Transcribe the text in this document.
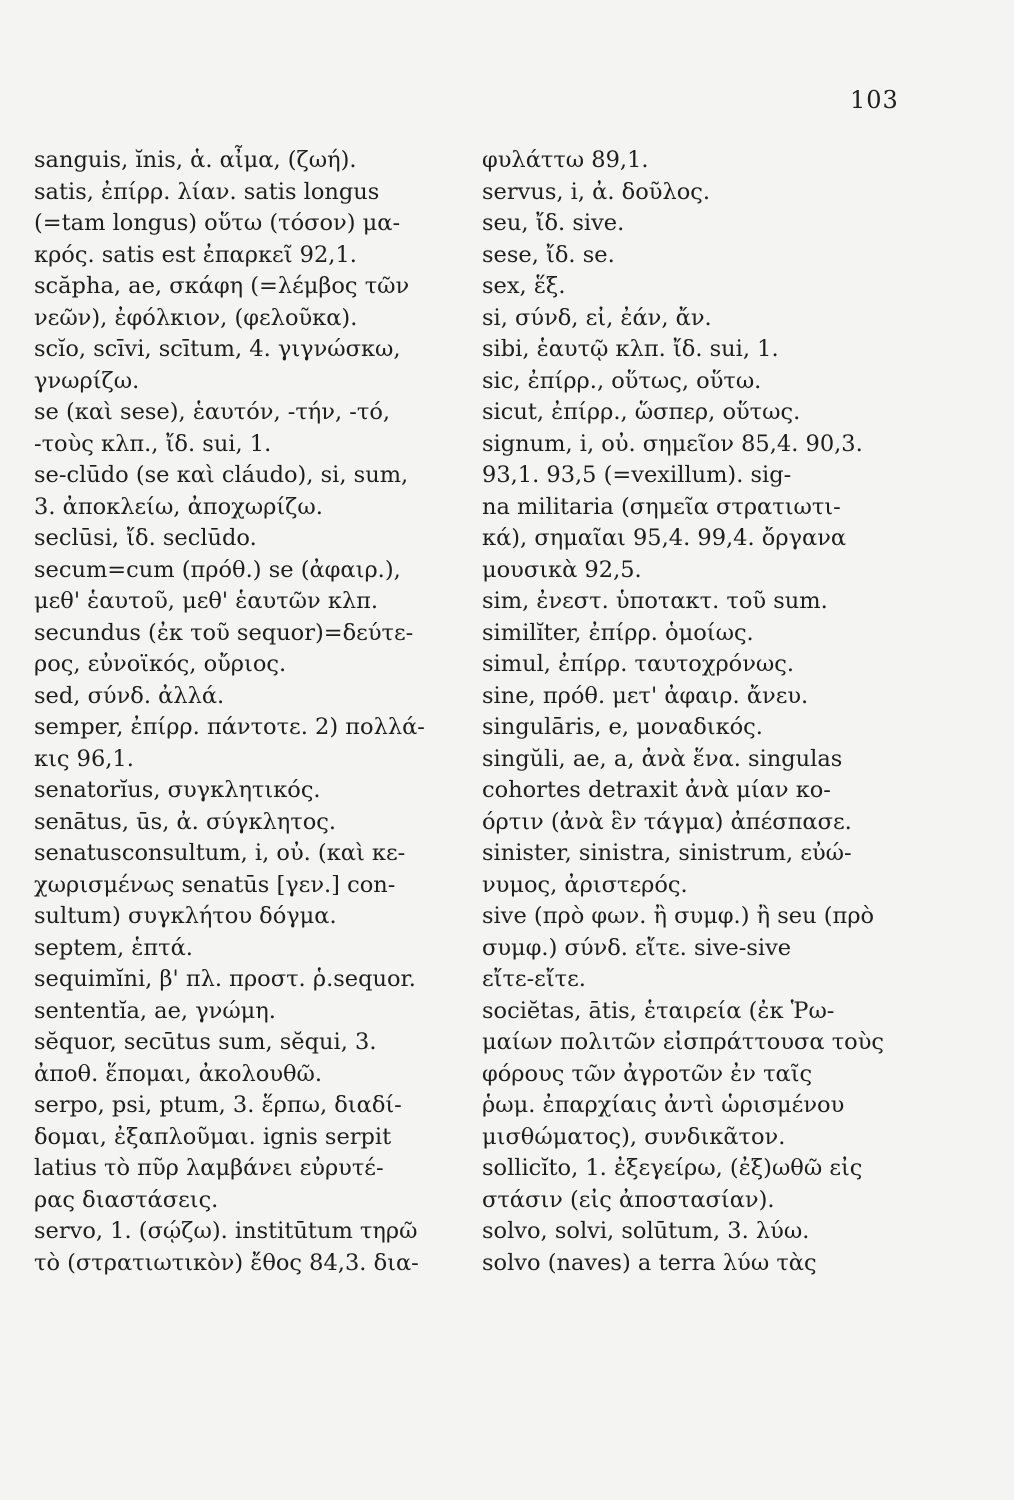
103
sanguis, ĭnis, ἁ. αἶμα, (ζωή).
satis, ἐπίρρ. λίαν. satis longus
(=tam longus) οὕτω (τόσον) μα-
κρός. satis est ἐπαρκεῖ 92,1.
scăpha, ae, σκάφη (=λέμβος τῶν
νεῶν), ἐφόλκιον, (φελοῦκα).
scĭo, scīvi, scītum, 4. γιγνώσκω,
γνωρίζω.
se (καὶ sese), ἑαυτόν, -τήν, -τό,
-τοὺς κλπ., ἴδ. sui, 1.
se-clūdo (se καὶ cláudo), si, sum,
3. ἀποκλείω, ἀποχωρίζω.
seclūsi, ἴδ. seclūdo.
secum=cum (πρόθ.) se (ἀφαιρ.),
μεθ' ἑαυτοῦ, μεθ' ἑαυτῶν κλπ.
secundus (ἐκ τοῦ sequor)=δεύτε-
ρος, εὐνοϊκός, οὔριος.
sed, σύνδ. ἀλλά.
semper, ἐπίρρ. πάντοτε. 2) πολλά-
κις 96,1.
senatorĭus, συγκλητικός.
senātus, ūs, ἀ. σύγκλητος.
senatusconsultum, i, οὐ. (καὶ κε-
χωρισμένως senatūs [γεν.] con-
sultum) συγκλήτου δόγμα.
septem, ἑπτά.
sequimĭni, β' πλ. προστ. ῥ.sequor.
sententĭa, ae, γνώμη.
sĕquor, secūtus sum, sĕqui, 3.
ἀποθ. ἕπομαι, ἀκολουθῶ.
serpo, psi, ptum, 3. ἕρπω, διαδί-
δομαι, ἐξαπλοῦμαι. ignis serpit
latius τὸ πῦρ λαμβάνει εὐρυτέ-
ρας διαστάσεις.
servo, 1. (σῴζω). institūtum τηρῶ
τὸ (στρατιωτικὸν) ἔθος 84,3. δια-
φυλάττω 89,1.
servus, i, ἀ. δοῦλος.
seu, ἴδ. sive.
sese, ἴδ. se.
sex, ἕξ.
si, σύνδ, εἰ, ἐάν, ἄν.
sibi, ἑαυτῷ κλπ. ἴδ. sui, 1.
sic, ἐπίρρ., οὕτως, οὕτω.
sicut, ἐπίρρ., ὥσπερ, οὕτως.
signum, i, οὐ. σημεῖον 85,4. 90,3.
93,1. 93,5 (=vexillum). sig-
na militaria (σημεῖα στρατιωτι-
κά), σημαῖαι 95,4. 99,4. ὄργανα
μουσικὰ 92,5.
sim, ἐνεστ. ὑποτακτ. τοῦ sum.
similĭter, ἐπίρρ. ὁμοίως.
simul, ἐπίρρ. ταυτοχρόνως.
sine, πρόθ. μετ' ἀφαιρ. ἄνευ.
singulāris, e, μοναδικός.
singŭli, ae, a, ἀνὰ ἕνα. singulas
cohortes detraxit ἀνὰ μίαν κο-
όρτιν (ἀνὰ ἓν τάγμα) ἀπέσπασε.
sinister, sinistra, sinistrum, εὐώ-
νυμος, ἀριστερός.
sive (πρὸ φων. ἢ συμφ.) ἢ seu (πρὸ
συμφ.) σύνδ. εἴτε. sive-sive
εἴτε-εἴτε.
sociĕtas, ātis, ἑταιρεία (ἐκ Ῥω-
μαίων πολιτῶν εἰσπράττουσα τοὺς
φόρους τῶν ἀγροτῶν ἐν ταῖς
ῥωμ. ἐπαρχίαις ἀντὶ ὡρισμένου
μισθώματος), συνδικᾶτον.
sollicĭto, 1. ἐξεγείρω, (ἐξ)ωθῶ εἰς
στάσιν (εἰς ἀποστασίαν).
solvo, solvi, solūtum, 3. λύω.
solvo (naves) a terra λύω τὰς
